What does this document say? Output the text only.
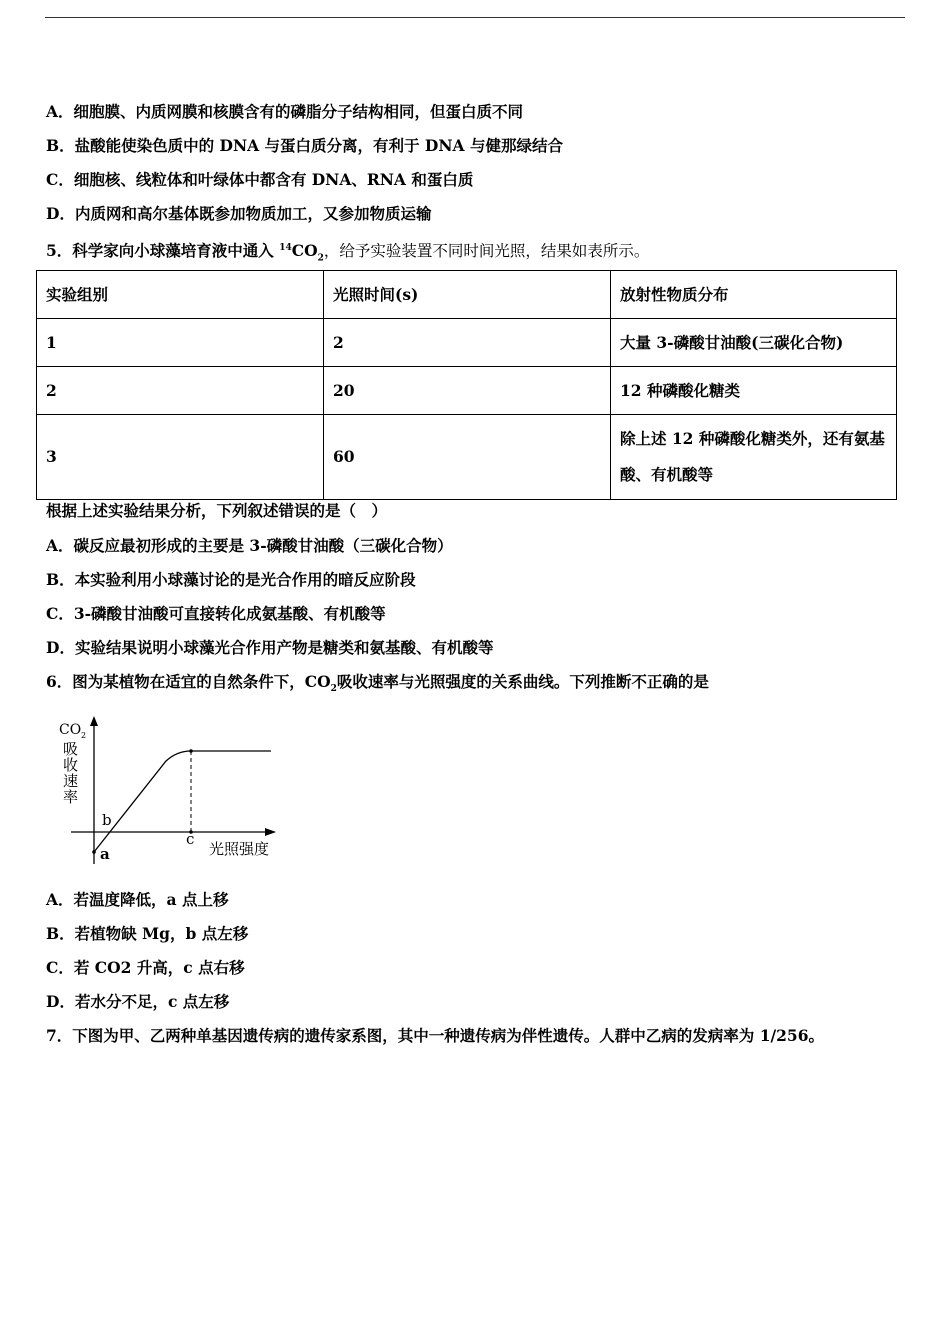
A．细胞膜、内质网膜和核膜含有的磷脂分子结构相同，但蛋白质不同
B．盐酸能使染色质中的 DNA 与蛋白质分离，有利于 DNA 与健那绿结合
C．细胞核、线粒体和叶绿体中都含有 DNA、RNA 和蛋白质
D．内质网和高尔基体既参加物质加工，又参加物质运输
5．科学家向小球藻培育液中通入 $^{14}CO_2$，给予实验装置不同时间光照，结果如表所示。
实验组别	光照时间(s)	放射性物质分布
1	2	大量 3-磷酸甘油酸(三碳化合物)
2	20	12 种磷酸化糖类
3	60	除上述 12 种磷酸化糖类外，还有氨基酸、有机酸等
根据上述实验结果分析，下列叙述错误的是（　）
A．碳反应最初形成的主要是 3-磷酸甘油酸（三碳化合物）
B．本实验利用小球藻讨论的是光合作用的暗反应阶段
C．3-磷酸甘油酸可直接转化成氨基酸、有机酸等
D．实验结果说明小球藻光合作用产物是糖类和氨基酸、有机酸等
6．图为某植物在适宜的自然条件下，$CO_2$吸收速率与光照强度的关系曲线。下列推断不正确的是
CO 2
吸
收
速
率
b
a
c
光照强度
A．若温度降低，a 点上移
B．若植物缺 Mg，b 点左移
C．若 CO2 升高，c 点右移
D．若水分不足，c 点左移
7．下图为甲、乙两种单基因遗传病的遗传家系图，其中一种遗传病为伴性遗传。人群中乙病的发病率为 1/256。
